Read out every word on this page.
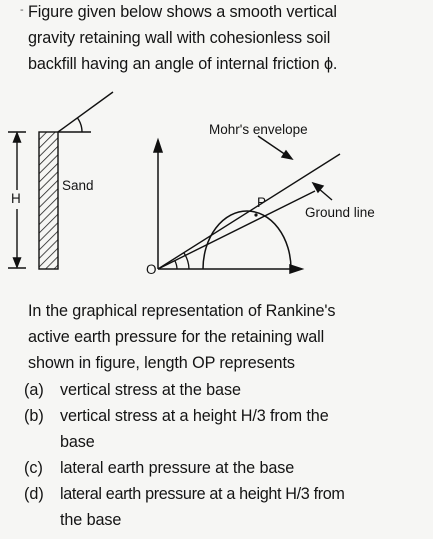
- Figure given below shows a smooth vertical
gravity retaining wall with cohesionless soil
backfill having an angle of internal friction ϕ.
H
Sand
Mohr's envelope
Ground line
O
P
In the graphical representation of Rankine's
active earth pressure for the retaining wall
shown in figure, length OP represents
(a) vertical stress at the base
(b) vertical stress at a height H/3 from the
base
(c) lateral earth pressure at the base
(d) lateral earth pressure at a height H/3 from
the base
